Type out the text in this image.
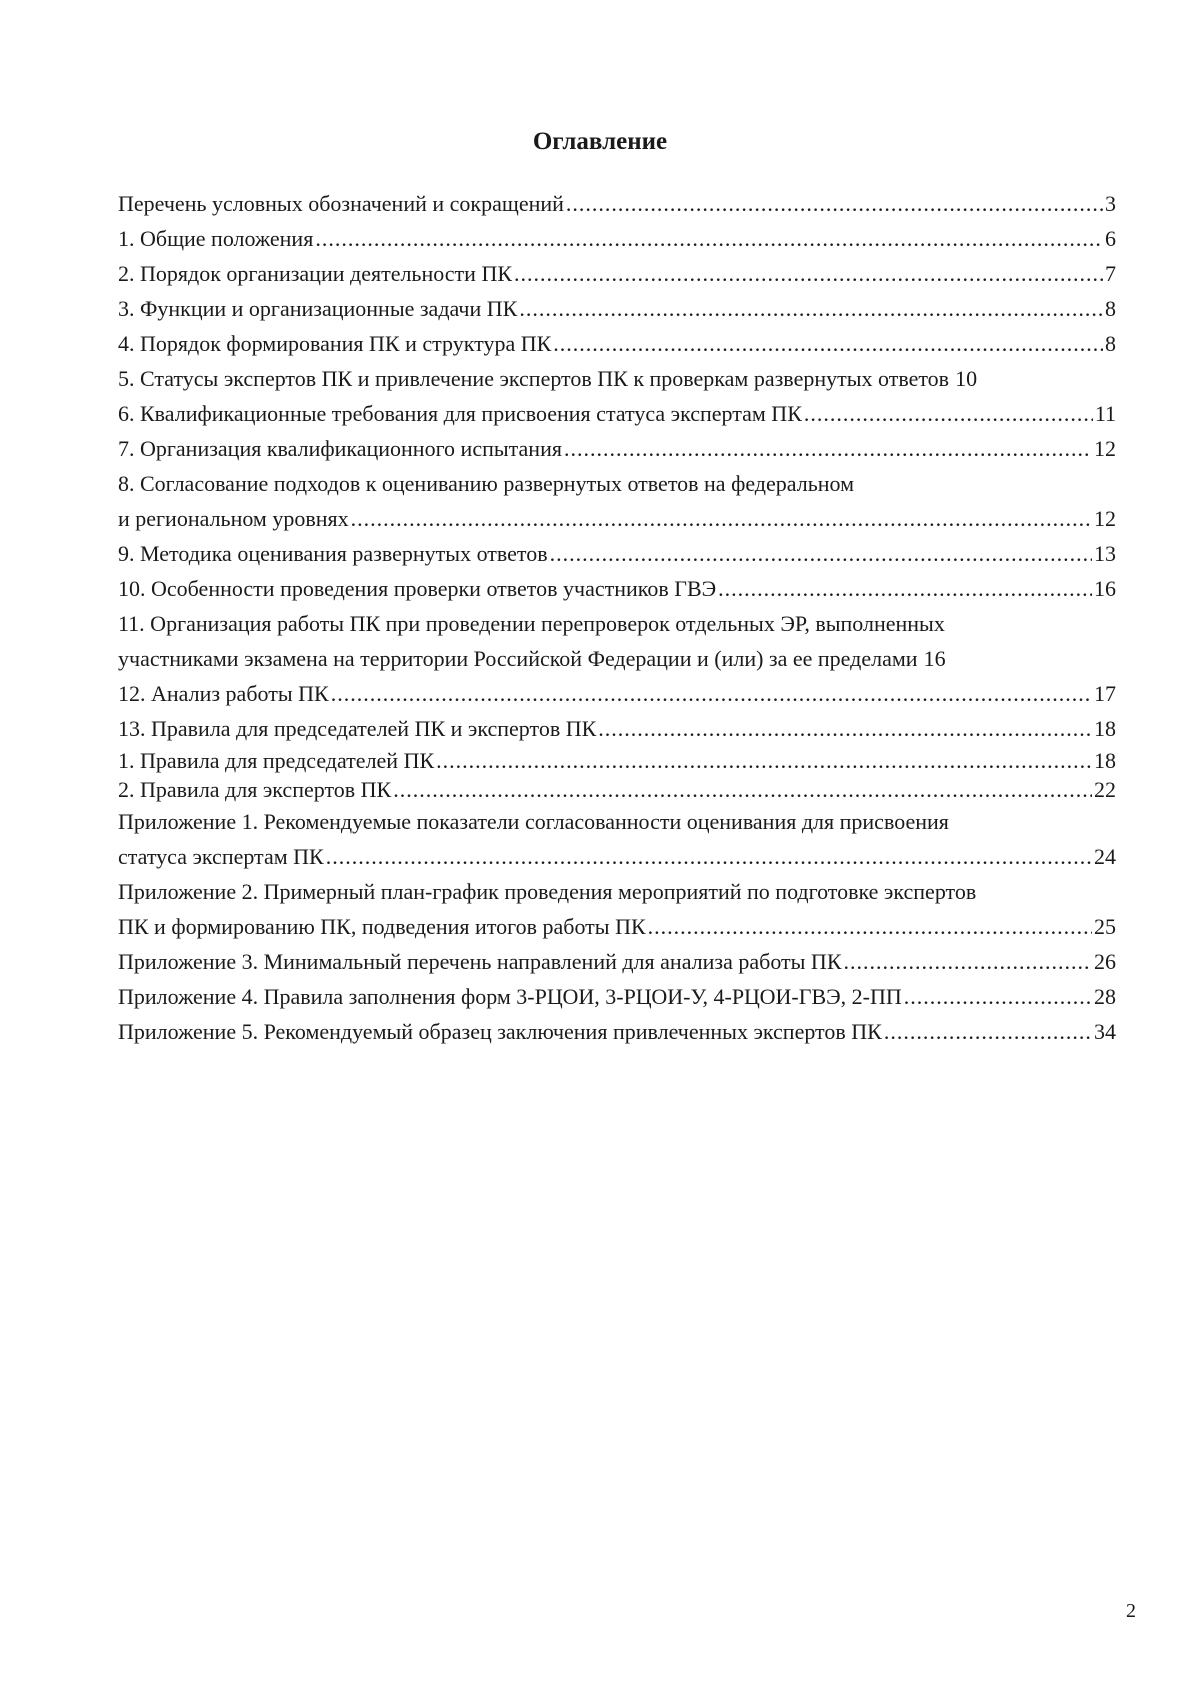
Оглавление
Перечень условных обозначений и сокращений .....	3
1. Общие положения .....	6
2. Порядок организации деятельности ПК .....	7
3. Функции и организационные задачи ПК .....	8
4. Порядок формирования ПК и структура ПК .....	8
5. Статусы экспертов ПК и привлечение экспертов ПК к проверкам развернутых ответов 10
6. Квалификационные требования для присвоения статуса экспертам ПК .....	11
7. Организация квалификационного испытания .....	12
8. Согласование подходов к оцениванию развернутых ответов на федеральном
и региональном уровнях .....	12
9. Методика оценивания развернутых ответов .....	13
10. Особенности проведения проверки ответов участников ГВЭ .....	16
11. Организация работы ПК при проведении перепроверок отдельных ЭР, выполненных
участниками экзамена на территории Российской Федерации и (или) за ее пределами 16
12. Анализ работы ПК .....	17
13. Правила для председателей ПК и экспертов ПК .....	18
1. Правила для председателей ПК .....	18
2. Правила для экспертов ПК .....	22
Приложение 1. Рекомендуемые показатели согласованности оценивания для присвоения
статуса экспертам ПК .....	24
Приложение 2. Примерный план-график проведения мероприятий по подготовке экспертов
ПК и формированию ПК, подведения итогов работы ПК .....	25
Приложение 3. Минимальный перечень направлений для анализа работы ПК .....	26
Приложение 4. Правила заполнения форм 3-РЦОИ, 3-РЦОИ-У, 4-РЦОИ-ГВЭ, 2-ПП .....	28
Приложение 5. Рекомендуемый образец заключения привлеченных экспертов ПК .....	34
2
